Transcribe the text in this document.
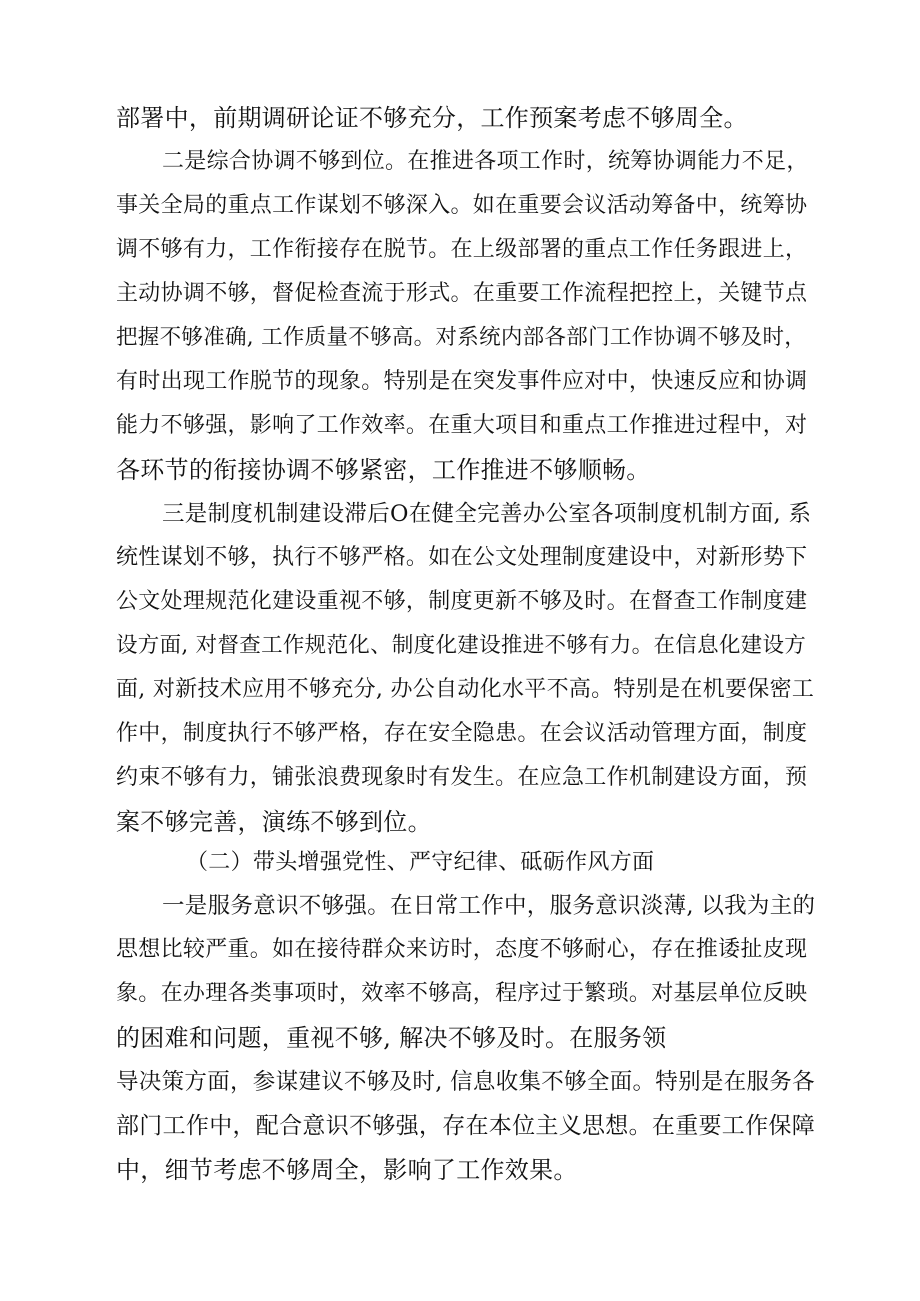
部署中，前期调研论证不够充分，工作预案考虑不够周全。
二是综合协调不够到位。在推进各项工作时，统筹协调能力不足，
事关全局的重点工作谋划不够深入。如在重要会议活动筹备中，统筹协
调不够有力，工作衔接存在脱节。在上级部署的重点工作任务跟进上，
主动协调不够，督促检查流于形式。在重要工作流程把控上，关键节点
把握不够准确, 工作质量不够高。对系统内部各部门工作协调不够及时，
有时出现工作脱节的现象。特别是在突发事件应对中，快速反应和协调
能力不够强，影响了工作效率。在重大项目和重点工作推进过程中，对
各环节的衔接协调不够紧密，工作推进不够顺畅。
三是制度机制建设滞后O在健全完善办公室各项制度机制方面, 系
统性谋划不够，执行不够严格。如在公文处理制度建设中，对新形势下
公文处理规范化建设重视不够，制度更新不够及时。在督查工作制度建
设方面, 对督查工作规范化、制度化建设推进不够有力。在信息化建设方
面, 对新技术应用不够充分, 办公自动化水平不高。特别是在机要保密工
作中，制度执行不够严格，存在安全隐患。在会议活动管理方面，制度
约束不够有力，铺张浪费现象时有发生。在应急工作机制建设方面，预
案不够完善，演练不够到位。
（二）带头增强党性、严守纪律、砥砺作风方面
一是服务意识不够强。在日常工作中，服务意识淡薄, 以我为主的
思想比较严重。如在接待群众来访时，态度不够耐心，存在推诿扯皮现
象。在办理各类事项时，效率不够高，程序过于繁琐。对基层单位反映
的困难和问题，重视不够, 解决不够及时。在服务领
导决策方面，参谋建议不够及时, 信息收集不够全面。特别是在服务各
部门工作中，配合意识不够强，存在本位主义思想。在重要工作保障
中，细节考虑不够周全，影响了工作效果。
